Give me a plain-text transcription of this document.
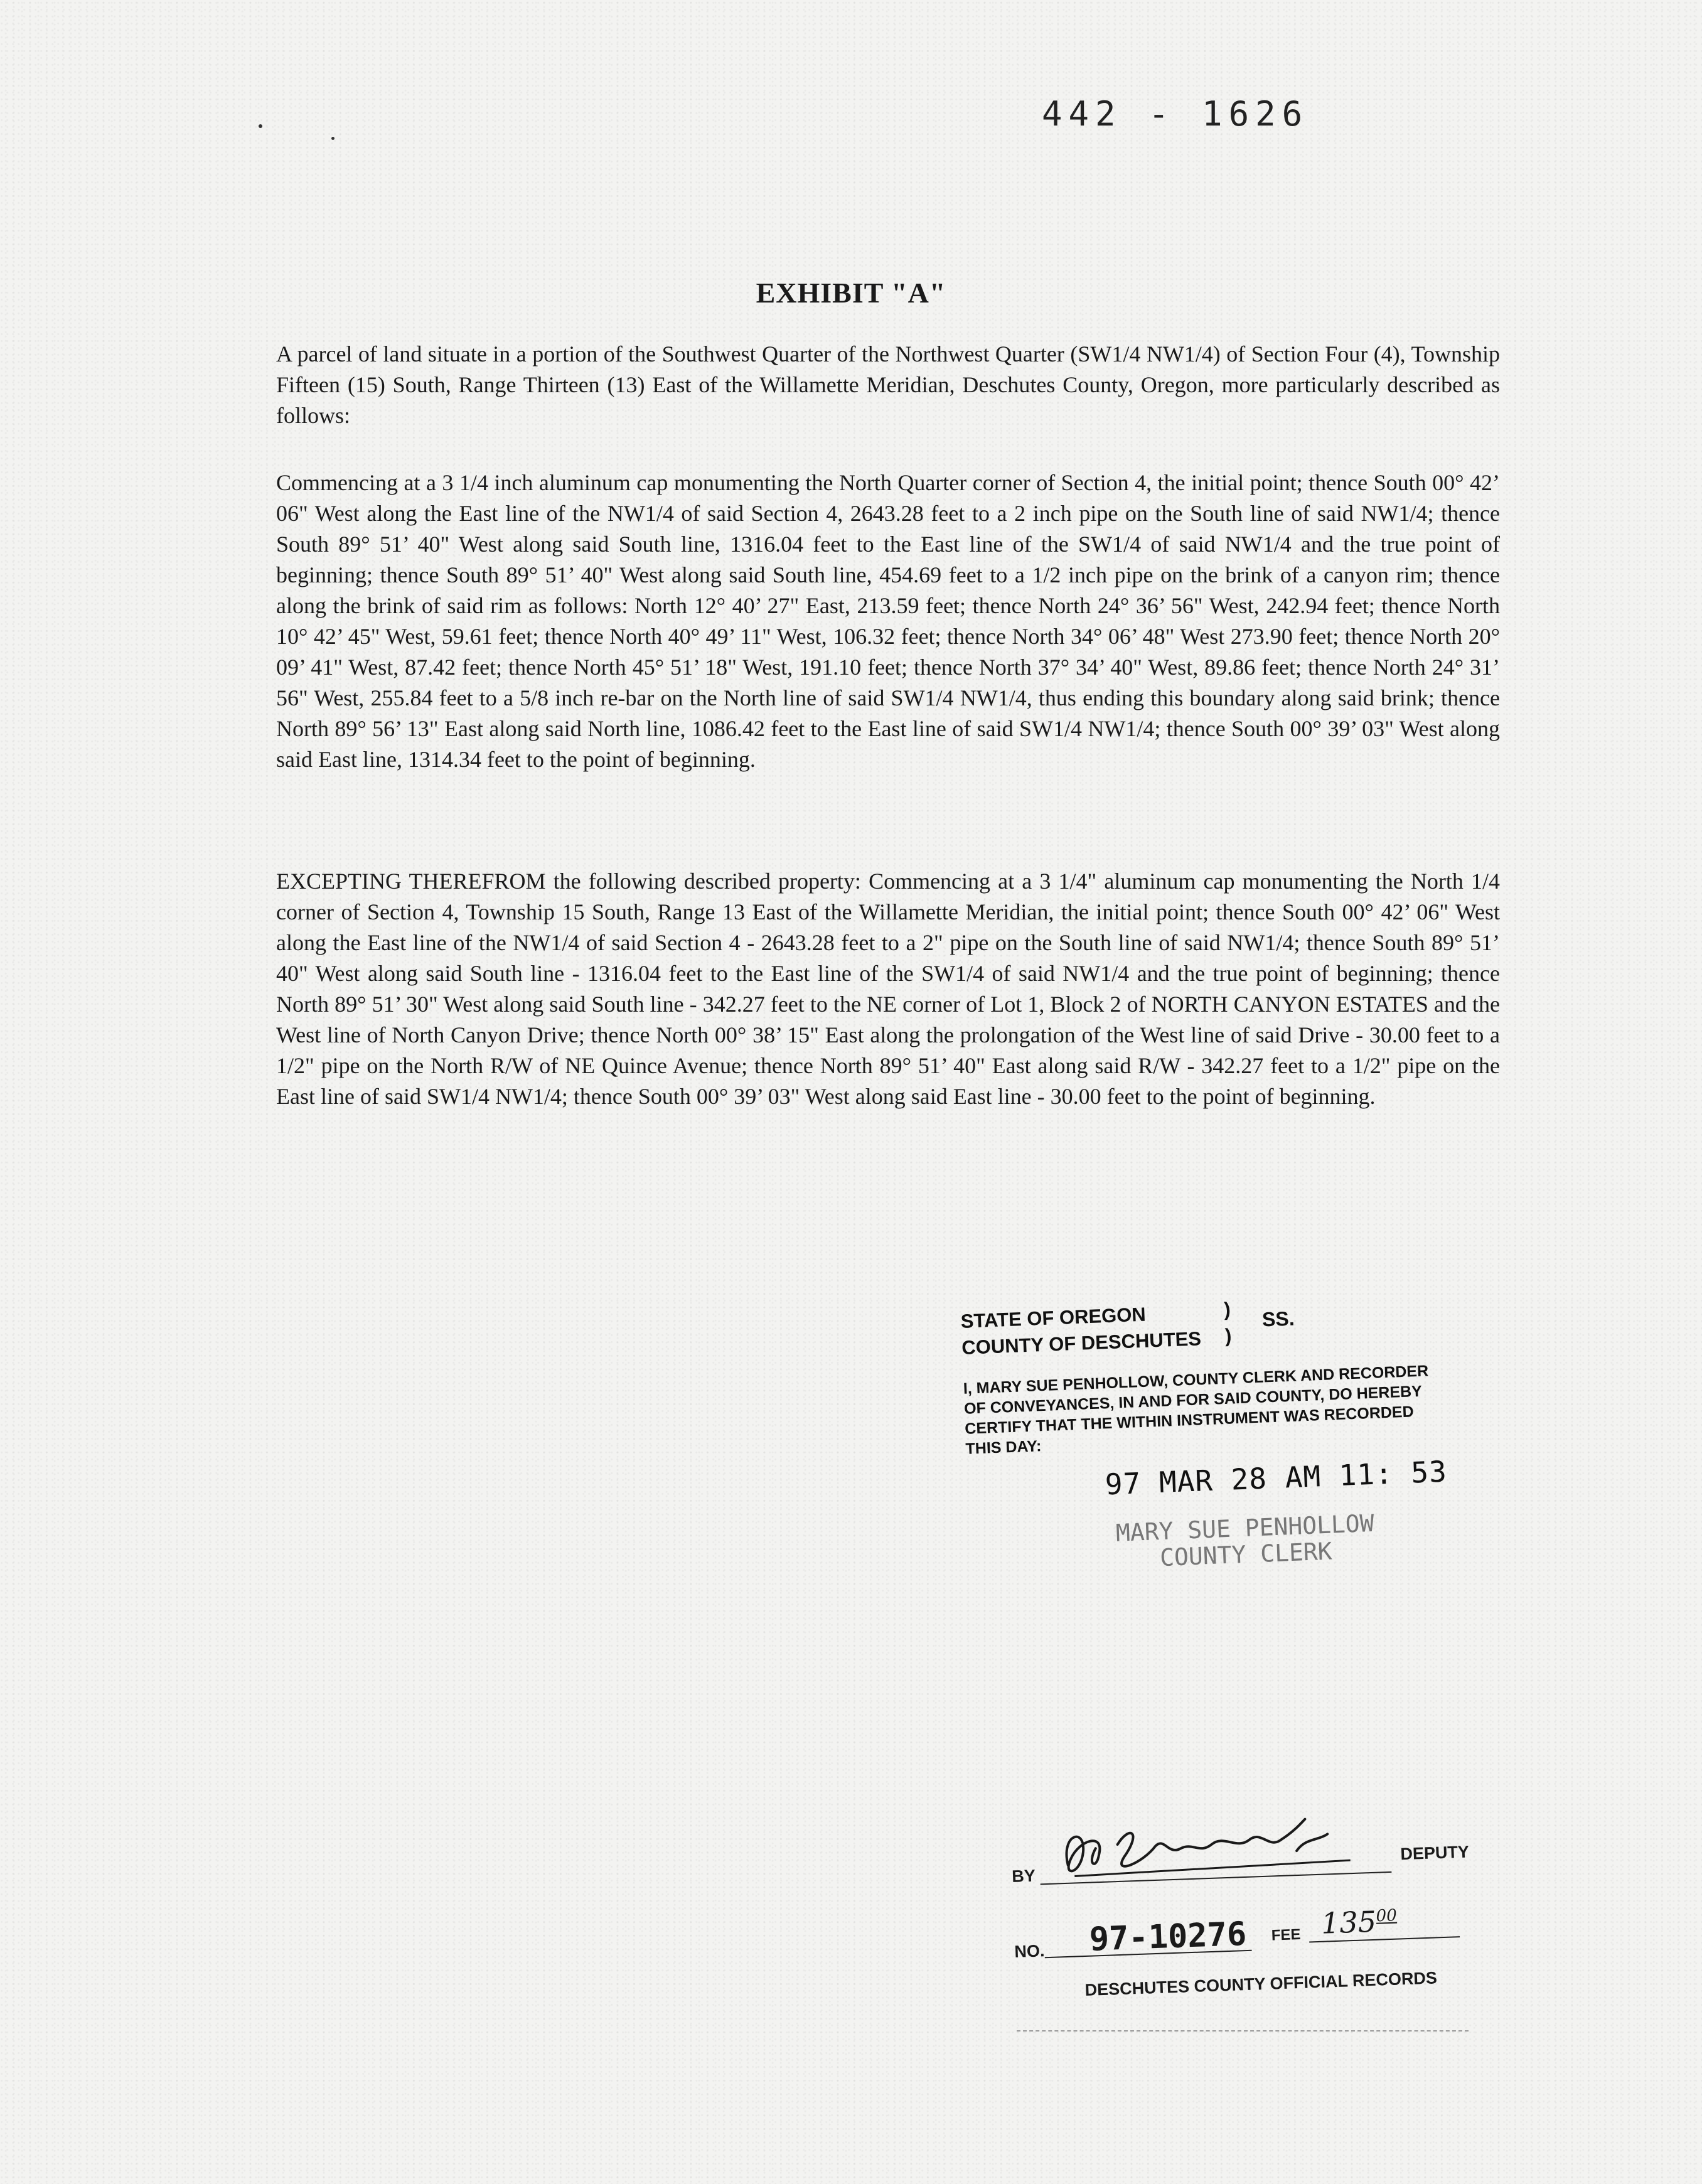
442 - 1626
EXHIBIT "A"

A parcel of land situate in a portion of the Southwest Quarter of the Northwest Quarter (SW1/4 NW1/4) of Section Four (4), Township Fifteen (15) South, Range Thirteen (13) East of the Willamette Meridian, Deschutes County, Oregon, more particularly described as follows:

Commencing at a 3 1/4 inch aluminum cap monumenting the North Quarter corner of Section 4, the initial point; thence South 00° 42’ 06" West along the East line of the NW1/4 of said Section 4, 2643.28 feet to a 2 inch pipe on the South line of said NW1/4; thence South 89° 51’ 40" West along said South line, 1316.04 feet to the East line of the SW1/4 of said NW1/4 and the true point of beginning; thence South 89° 51’ 40" West along said South line, 454.69 feet to a 1/2 inch pipe on the brink of a canyon rim; thence along the brink of said rim as follows: North 12° 40’ 27" East, 213.59 feet; thence North 24° 36’ 56" West, 242.94 feet; thence North 10° 42’ 45" West, 59.61 feet; thence North 40° 49’ 11" West, 106.32 feet; thence North 34° 06’ 48" West 273.90 feet; thence North 20° 09’ 41" West, 87.42 feet; thence North 45° 51’ 18" West, 191.10 feet; thence North 37° 34’ 40" West, 89.86 feet; thence North 24° 31’ 56" West, 255.84 feet to a 5/8 inch re-bar on the North line of said SW1/4 NW1/4, thus ending this boundary along said brink; thence North 89° 56’ 13" East along said North line, 1086.42 feet to the East line of said SW1/4 NW1/4; thence South 00° 39’ 03" West along said East line, 1314.34 feet to the point of beginning.

EXCEPTING THEREFROM the following described property: Commencing at a 3 1/4" aluminum cap monumenting the North 1/4 corner of Section 4, Township 15 South, Range 13 East of the Willamette Meridian, the initial point; thence South 00° 42’ 06" West along the East line of the NW1/4 of said Section 4 - 2643.28 feet to a 2" pipe on the South line of said NW1/4; thence South 89° 51’ 40" West along said South line - 1316.04 feet to the East line of the SW1/4 of said NW1/4 and the true point of beginning; thence North 89° 51’ 30" West along said South line - 342.27 feet to the NE corner of Lot 1, Block 2 of NORTH CANYON ESTATES and the West line of North Canyon Drive; thence North 00° 38’ 15" East along the prolongation of the West line of said Drive - 30.00 feet to a 1/2" pipe on the North R/W of NE Quince Avenue; thence North 89° 51’ 40" East along said R/W - 342.27 feet to a 1/2" pipe on the East line of said SW1/4 NW1/4; thence South 00° 39’ 03" West along said East line - 30.00 feet to the point of beginning.

STATE OF OREGON
COUNTY OF DESCHUTES
)
)
SS.
I, MARY SUE PENHOLLOW, COUNTY CLERK AND RECORDER OF CONVEYANCES, IN AND FOR SAID COUNTY, DO HEREBY CERTIFY THAT THE WITHIN INSTRUMENT WAS RECORDED THIS DAY:
97 MAR 28 AM 11: 53
MARY SUE PENHOLLOW
COUNTY CLERK
BY
DEPUTY
NO. 97-10276 FEE $135^{00}$
DESCHUTES COUNTY OFFICIAL RECORDS
